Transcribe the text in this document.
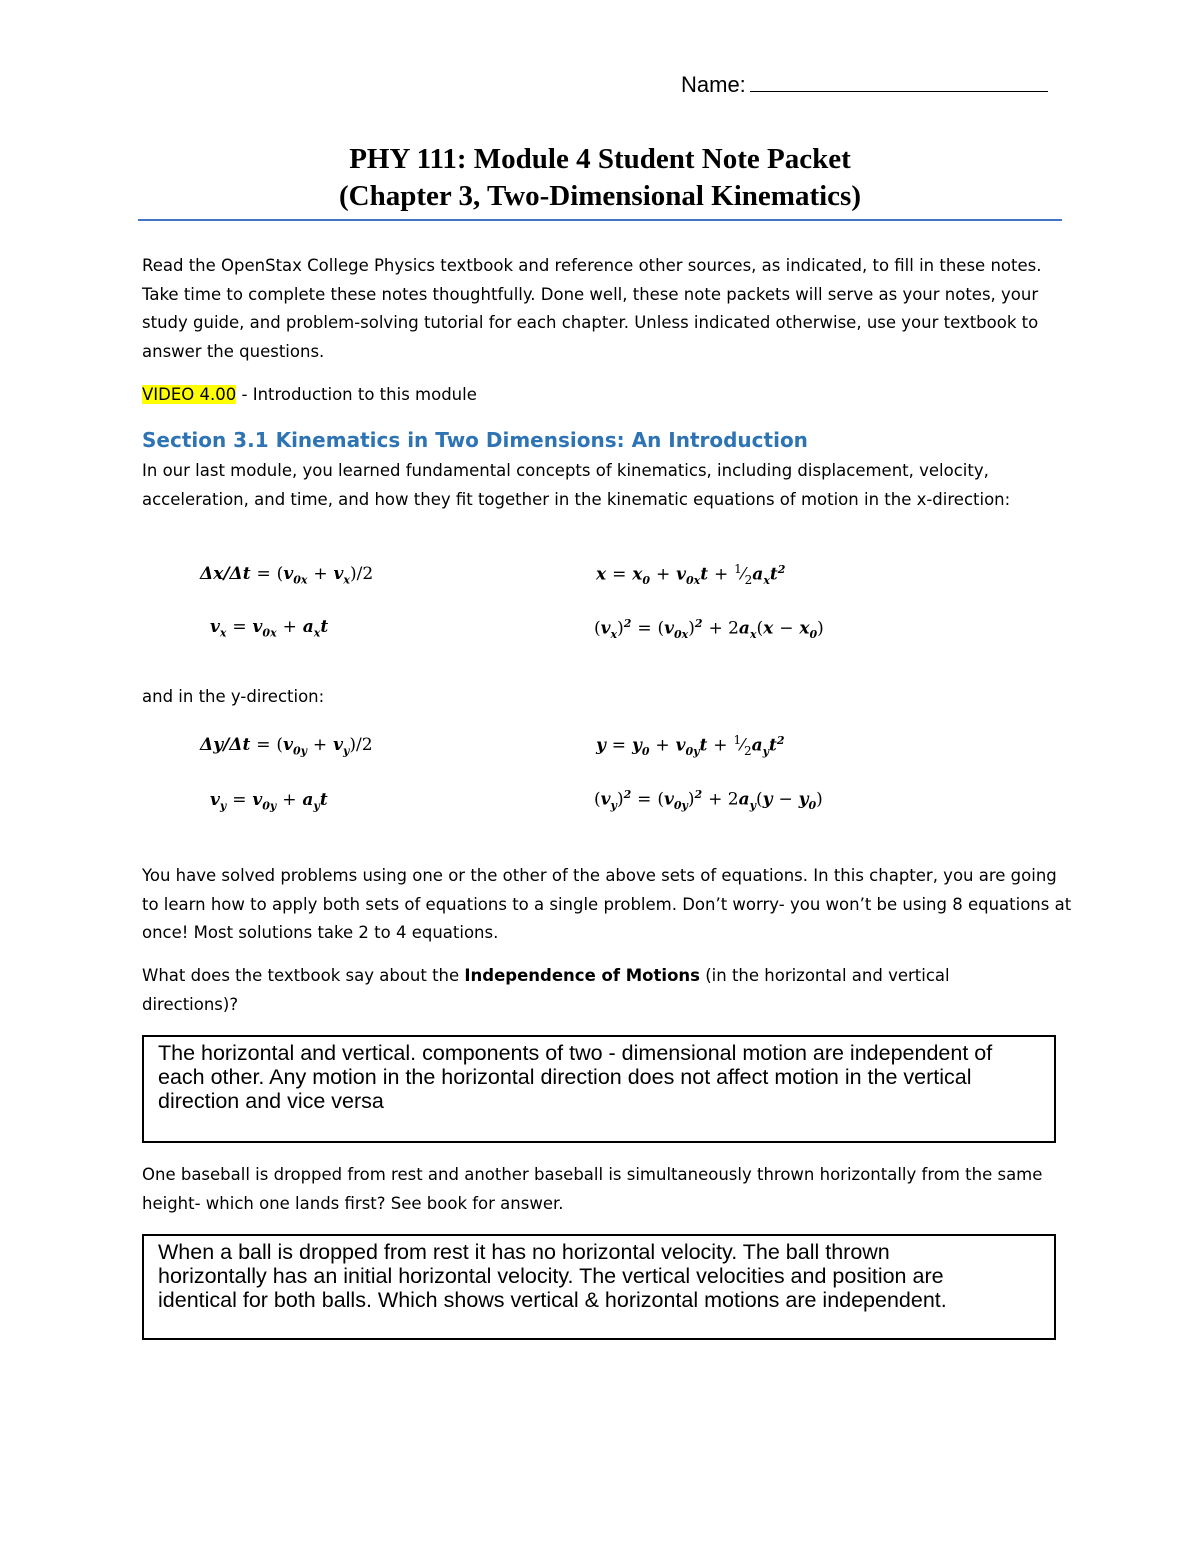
Name:
PHY 111: Module 4 Student Note Packet
(Chapter 3, Two-Dimensional Kinematics)

Read the OpenStax College Physics textbook and reference other sources, as indicated, to fill in these notes. Take time to complete these notes thoughtfully. Done well, these note packets will serve as your notes, your study guide, and problem-solving tutorial for each chapter. Unless indicated otherwise, use your textbook to answer the questions.

VIDEO 4.00 - Introduction to this module
Section 3.1 Kinematics in Two Dimensions: An Introduction

In our last module, you learned fundamental concepts of kinematics, including displacement, velocity, acceleration, and time, and how they fit together in the kinematic equations of motion in the x-direction:

$\Delta x/\Delta t = (v_{0x} + v_x)/2$	$x = x_0 + v_{0x}t$ + $^1⁄_2a_xt^2$
$v_x = v_{0x} + a_xt$	$(v_x)^2 = (v_{0x})^2 + 2a_x(x - x_0)$

and in the y-direction:

$\Delta y/\Delta t = (v_{0y} + v_y)/2$	$y = y_0 + v_{0y}t$ + $^1⁄_2a_yt^2$
$v_y = v_{0y} + a_yt$	$(v_y)^2 = (v_{0y})^2 + 2a_y(y - y_0)$

You have solved problems using one or the other of the above sets of equations. In this chapter, you are going to learn how to apply both sets of equations to a single problem. Don’t worry- you won’t be using 8 equations at once! Most solutions take 2 to 4 equations.

What does the textbook say about the Independence of Motions (in the horizontal and vertical directions)?

The horizontal and vertical. components of two - dimensional motion are independent of each other. Any motion in the horizontal direction does not affect motion in the vertical direction and vice versa

One baseball is dropped from rest and another baseball is simultaneously thrown horizontally from the same height- which one lands first? See book for answer.

When a ball is dropped from rest it has no horizontal velocity. The ball thrown horizontally has an initial horizontal velocity. The vertical velocities and position are identical for both balls. Which shows vertical & horizontal motions are independent.
